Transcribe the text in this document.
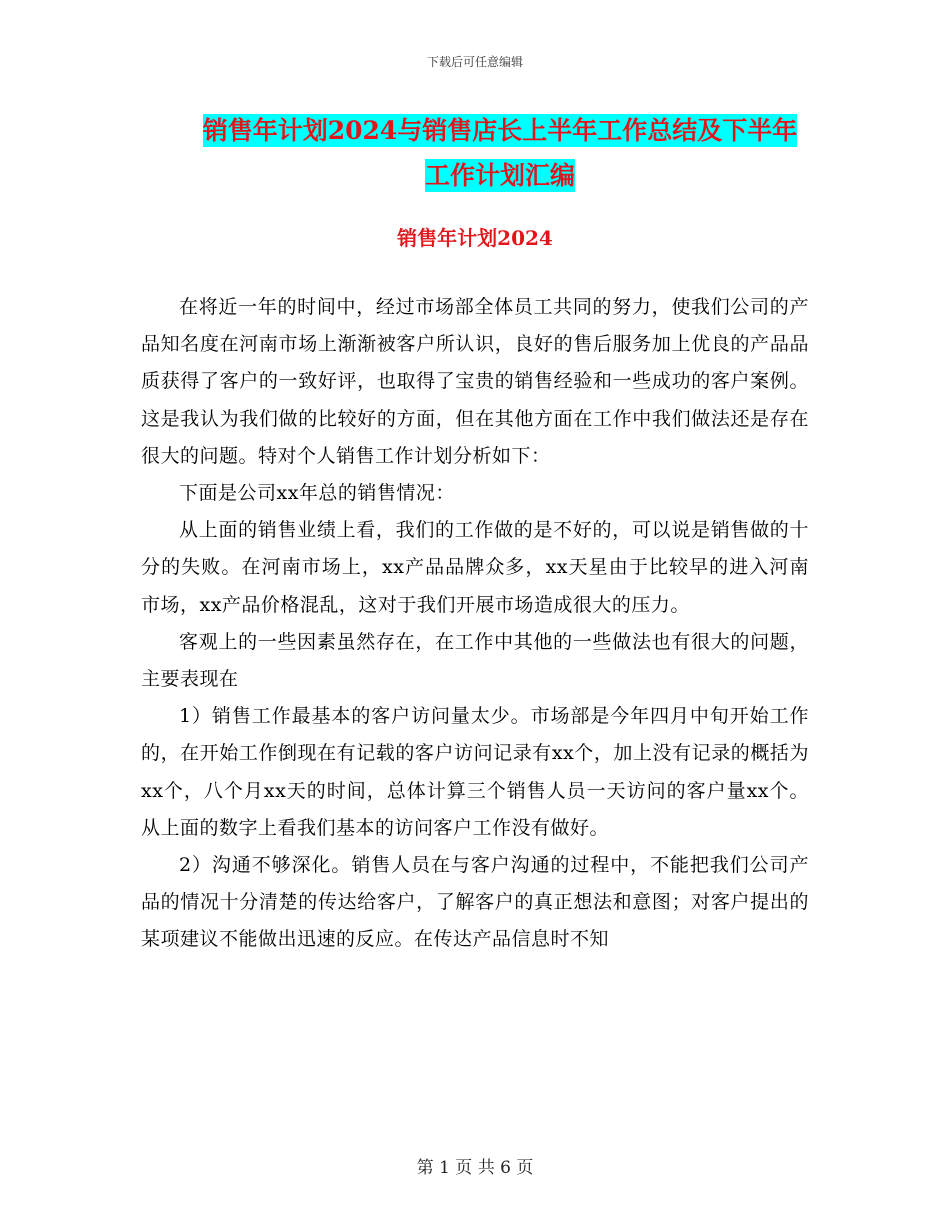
下载后可任意编辑
销售年计划2024与销售店长上半年工作总结及下半年
工作计划汇编
销售年计划2024

在将近一年的时间中，经过市场部全体员工共同的努力，使我们公司的产品知名度在河南市场上渐渐被客户所认识，良好的售后服务加上优良的产品品质获得了客户的一致好评，也取得了宝贵的销售经验和一些成功的客户案例。这是我认为我们做的比较好的方面，但在其他方面在工作中我们做法还是存在很大的问题。特对个人销售工作计划分析如下：

下面是公司xx年总的销售情况：

从上面的销售业绩上看，我们的工作做的是不好的，可以说是销售做的十分的失败。在河南市场上，xx产品品牌众多，xx天星由于比较早的进入河南市场，xx产品价格混乱，这对于我们开展市场造成很大的压力。

客观上的一些因素虽然存在，在工作中其他的一些做法也有很大的问题，主要表现在

1）销售工作最基本的客户访问量太少。市场部是今年四月中旬开始工作的，在开始工作倒现在有记载的客户访问记录有xx个，加上没有记录的概括为xx个，八个月xx天的时间，总体计算三个销售人员一天访问的客户量xx个。从上面的数字上看我们基本的访问客户工作没有做好。

2）沟通不够深化。销售人员在与客户沟通的过程中，不能把我们公司产品的情况十分清楚的传达给客户，了解客户的真正想法和意图；对客户提出的某项建议不能做出迅速的反应。在传达产品信息时不知

第 1 页 共 6 页
